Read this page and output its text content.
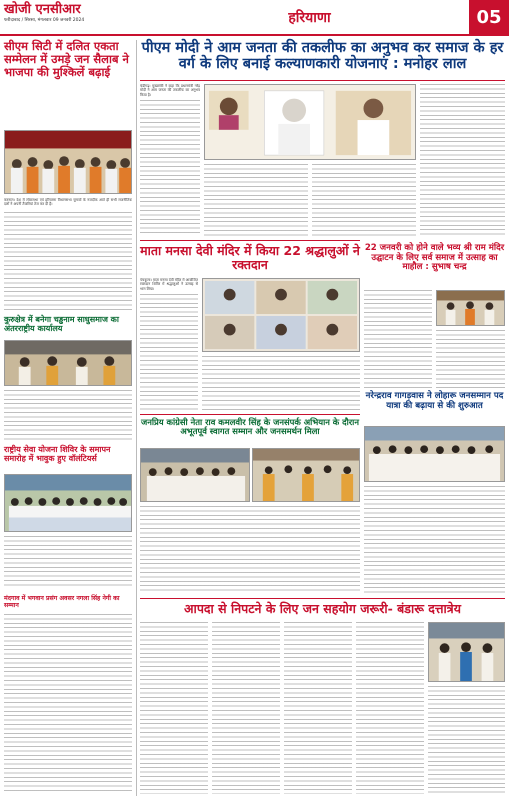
खोजी एनसीआर
फरीदाबाद / सिरसा, मंगलवार 09 जनवरी 2024	हरियाणा	05
सीएम सिटी में दलित एकता सम्मेलन में उमड़े जन सैलाब ने भाजपा की मुश्किलें बढ़ाई
करनाल। देश में लोकसभा एवं हरियाणा विधानसभा चुनावों के नजदीक आते ही सभी राजनीतिक दलों ने अपनी तैयारियां तेज कर दी हैं।
कुरुक्षेत्र में बनेगा चड्ढनाम साधुसमाज का अंतरराष्ट्रीय कार्यालय
राष्ट्रीय सेवा योजना शिविर के समापन समारोह में भावुक हुए वॉलंटियर्स
मंदगाव में भगवान प्रसंग अवसर नगला सिंह नेगी का सम्मान
पीएम मोदी ने आम जनता की तकलीफ का अनुभव कर समाज के हर वर्ग के लिए बनाई कल्याणकारी योजनाएं : मनोहर लाल
चंडीगढ़। मुख्यमंत्री ने कहा कि प्रधानमंत्री नरेंद्र मोदी ने आम जनता की तकलीफ का अनुभव किया है।
माता मनसा देवी मंदिर में किया 22 श्रद्धालुओं ने रक्तदान
पंचकूला। माता मनसा देवी मंदिर में आयोजित रक्तदान शिविर में श्रद्धालुओं ने उत्साह से भाग लिया।
22 जनवरी को होने वाले भव्य श्री राम मंदिर उद्घाटन के लिए सर्व समाज में उत्साह का माहौल : सुभाष चन्द्र
जनप्रिय कांग्रेसी नेता राव कमलवीर सिंह के जनसंपर्क अभियान के दौरान अभूतपूर्व स्वागत सम्मान और जनसमर्थन मिला
नरेन्द्रराव गागड़वास ने लोहारू जनसम्मान पद यात्रा की बढ़ाया से की शुरुआत
आपदा से निपटने के लिए जन सहयोग जरूरी- बंडारू दत्तात्रेय
